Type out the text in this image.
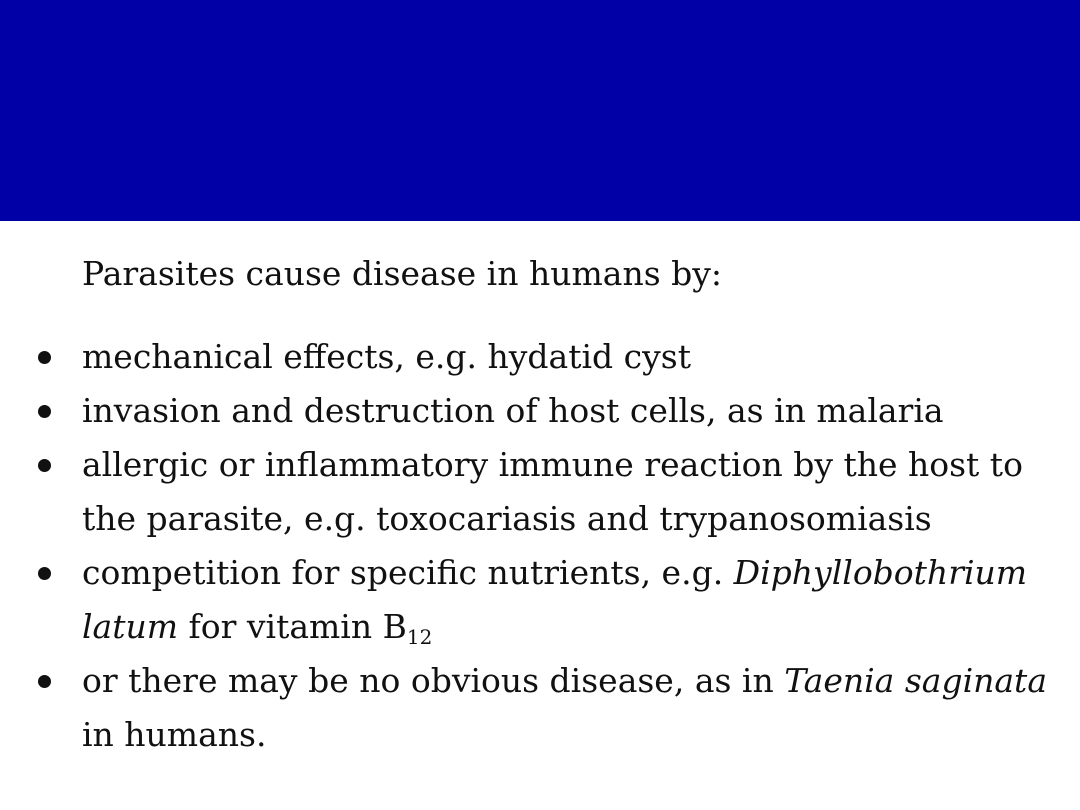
Parasites cause disease in humans by:
mechanical effects, e.g. hydatid cyst
invasion and destruction of host cells, as in malaria
allergic or inflammatory immune reaction by the host to
the parasite, e.g. toxocariasis and trypanosomiasis
competition for specific nutrients, e.g. Diphyllobothrium
latum for vitamin $B_{12}$
or there may be no obvious disease, as in Taenia saginata
in humans.
